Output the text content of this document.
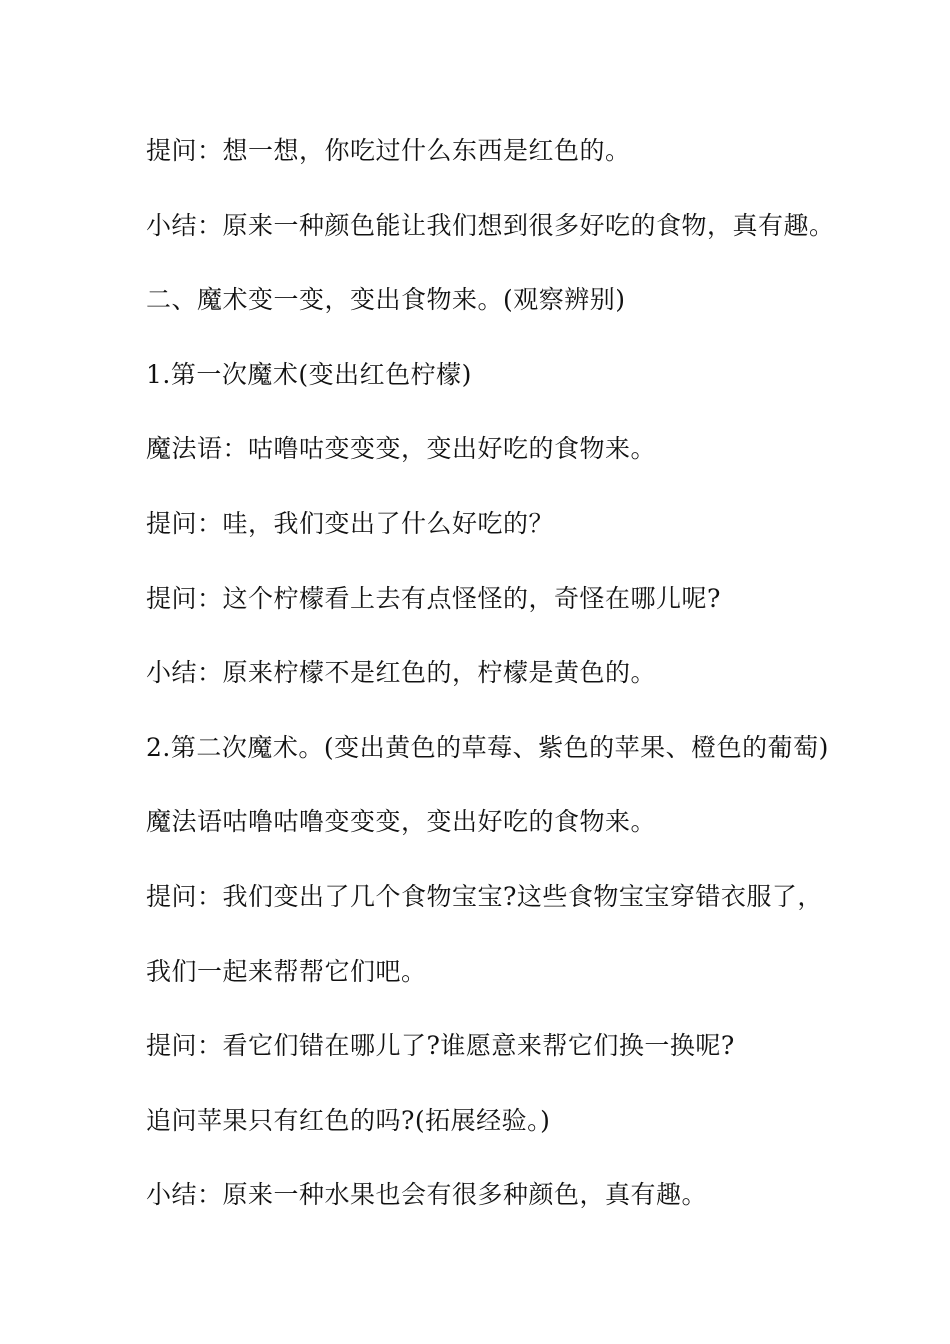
提问：想一想，你吃过什么东西是红色的。
小结：原来一种颜色能让我们想到很多好吃的食物，真有趣。
二、魔术变一变，变出食物来。(观察辨别)
1.第一次魔术(变出红色柠檬)
魔法语：咕噜咕变变变，变出好吃的食物来。
提问：哇，我们变出了什么好吃的？
提问：这个柠檬看上去有点怪怪的，奇怪在哪儿呢?
小结：原来柠檬不是红色的，柠檬是黄色的。
2.第二次魔术。(变出黄色的草莓、紫色的苹果、橙色的葡萄)
魔法语咕噜咕噜变变变，变出好吃的食物来。
提问：我们变出了几个食物宝宝?这些食物宝宝穿错衣服了，
我们一起来帮帮它们吧。
提问：看它们错在哪儿了?谁愿意来帮它们换一换呢?
追问苹果只有红色的吗?(拓展经验。)
小结：原来一种水果也会有很多种颜色，真有趣。
